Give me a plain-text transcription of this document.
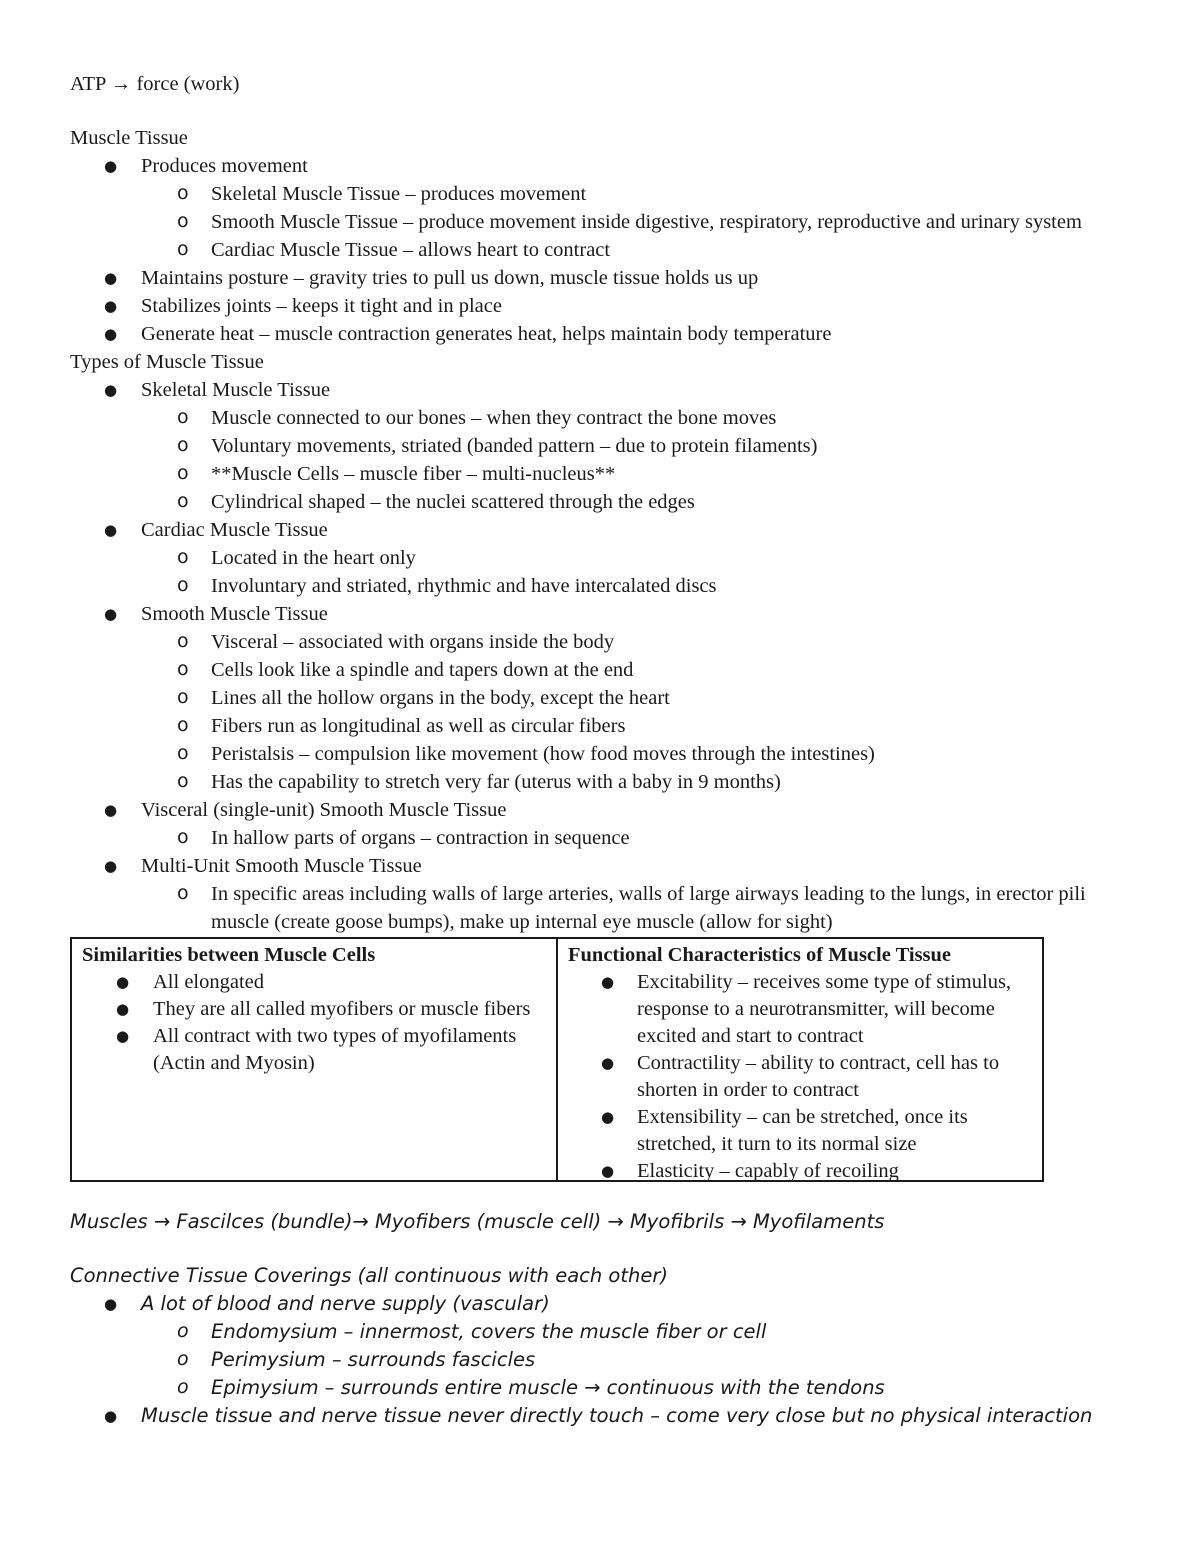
ATP → force (work)

Muscle Tissue

● Produces movement
o Skeletal Muscle Tissue – produces movement
o Smooth Muscle Tissue – produce movement inside digestive, respiratory, reproductive and urinary system
o Cardiac Muscle Tissue – allows heart to contract
● Maintains posture – gravity tries to pull us down, muscle tissue holds us up
● Stabilizes joints – keeps it tight and in place
● Generate heat – muscle contraction generates heat, helps maintain body temperature

Types of Muscle Tissue

● Skeletal Muscle Tissue
o Muscle connected to our bones – when they contract the bone moves
o Voluntary movements, striated (banded pattern – due to protein filaments)
o **Muscle Cells – muscle fiber – multi-nucleus**
o Cylindrical shaped – the nuclei scattered through the edges
● Cardiac Muscle Tissue
o Located in the heart only
o Involuntary and striated, rhythmic and have intercalated discs
● Smooth Muscle Tissue
o Visceral – associated with organs inside the body
o Cells look like a spindle and tapers down at the end
o Lines all the hollow organs in the body, except the heart
o Fibers run as longitudinal as well as circular fibers
o Peristalsis – compulsion like movement (how food moves through the intestines)
o Has the capability to stretch very far (uterus with a baby in 9 months)
● Visceral (single-unit) Smooth Muscle Tissue
o In hallow parts of organs – contraction in sequence
● Multi-Unit Smooth Muscle Tissue
o In specific areas including walls of large arteries, walls of large airways leading to the lungs, in erector pili muscle (create goose bumps), make up internal eye muscle (allow for sight)
Similarities between Muscle Cells
● All elongated
● They are all called myofibers or muscle fibers
● All contract with two types of myofilaments (Actin and Myosin)
Functional Characteristics of Muscle Tissue
● Excitability – receives some type of stimulus, response to a neurotransmitter, will become excited and start to contract
● Contractility – ability to contract, cell has to shorten in order to contract
● Extensibility – can be stretched, once its stretched, it turn to its normal size
● Elasticity – capably of recoiling

Muscles → Fascilces (bundle)→ Myofibers (muscle cell) → Myofibrils → Myofilaments

Connective Tissue Coverings (all continuous with each other)

● A lot of blood and nerve supply (vascular)
o Endomysium – innermost, covers the muscle fiber or cell
o Perimysium – surrounds fascicles
o Epimysium – surrounds entire muscle → continuous with the tendons
● Muscle tissue and nerve tissue never directly touch – come very close but no physical interaction
